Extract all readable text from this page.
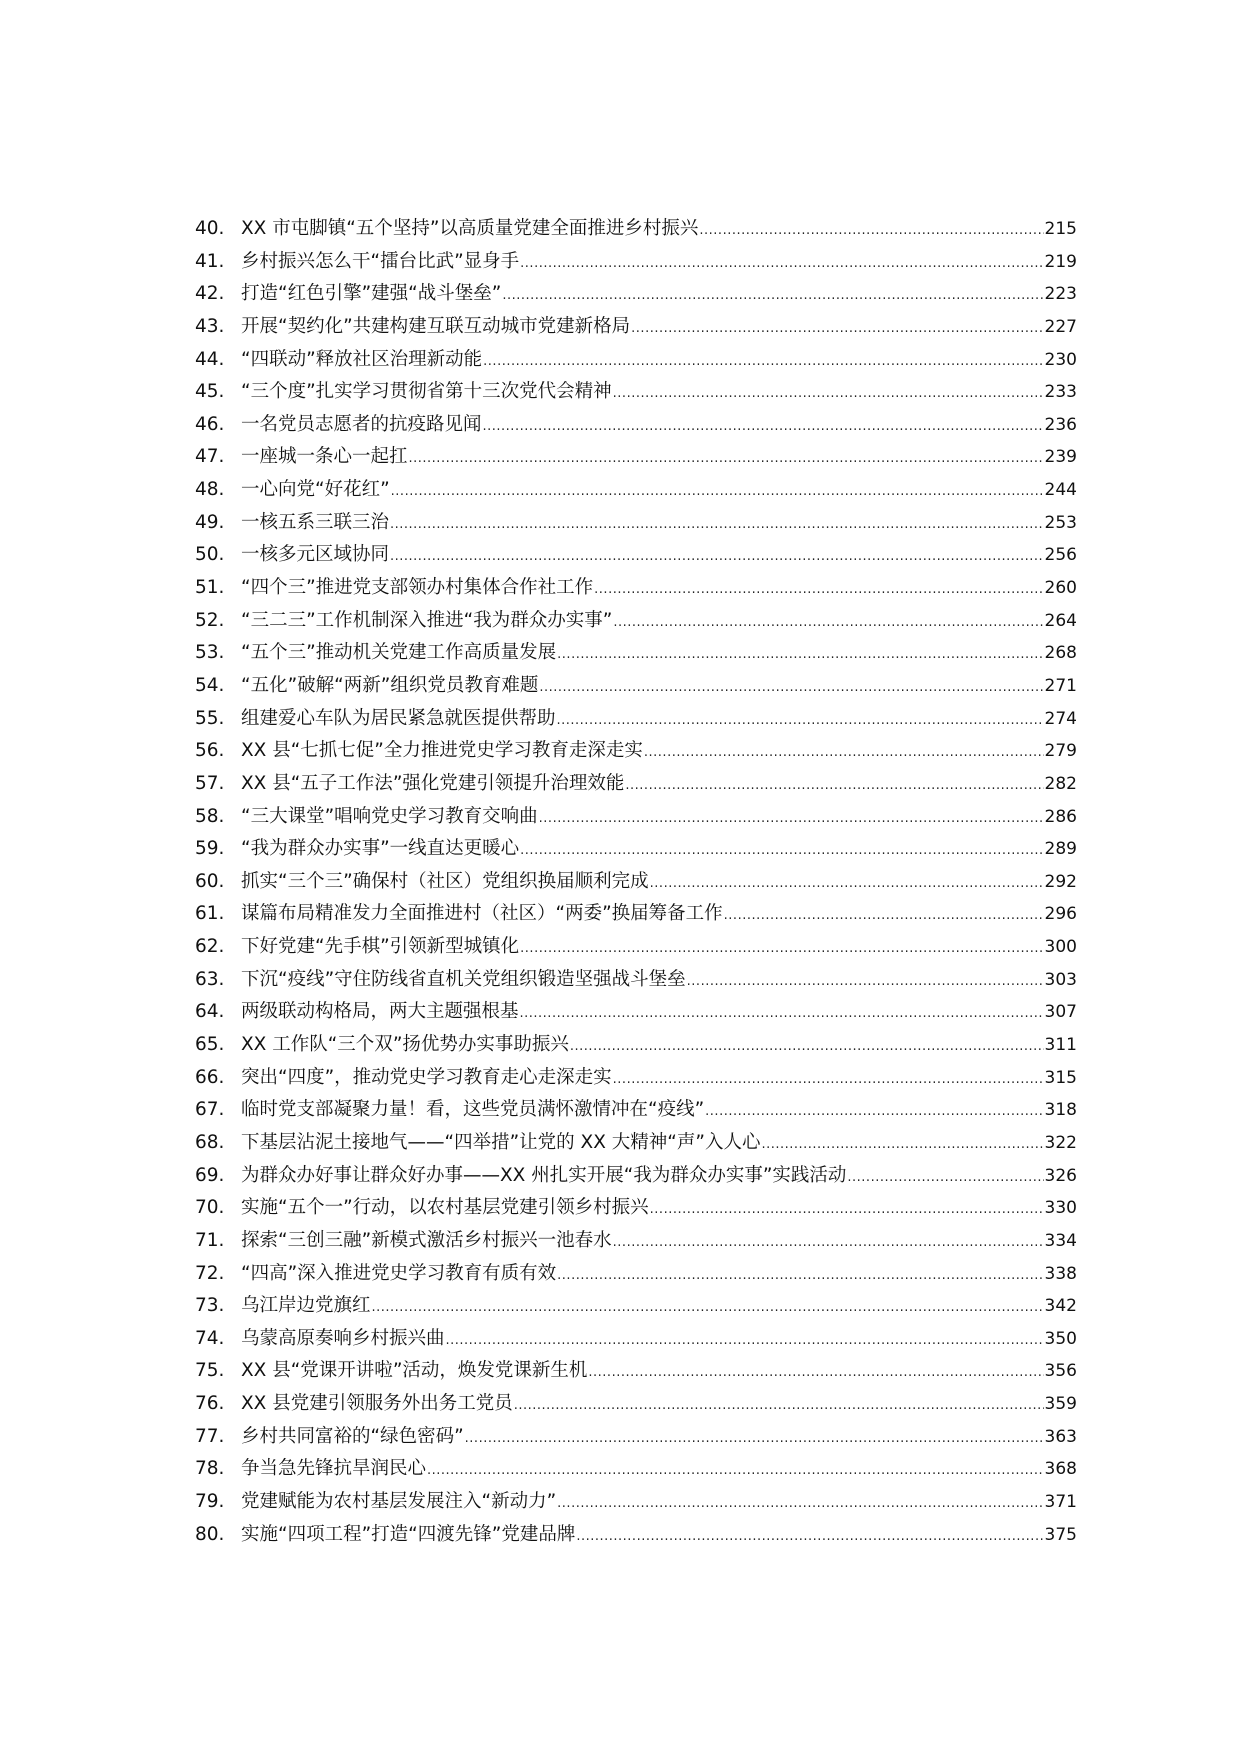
40. XX 市屯脚镇“五个坚持”以高质量党建全面推进乡村振兴 .....	215
41. 乡村振兴怎么干“擂台比武”显身手 .....	219
42. 打造“红色引擎”建强“战斗堡垒” .....	223
43. 开展“契约化”共建构建互联互动城市党建新格局 .....	227
44. “四联动”释放社区治理新动能 .....	230
45. “三个度”扎实学习贯彻省第十三次党代会精神 .....	233
46. 一名党员志愿者的抗疫路见闻 .....	236
47. 一座城一条心一起扛 .....	239
48. 一心向党“好花红” .....	244
49. 一核五系三联三治 .....	253
50. 一核多元区域协同 .....	256
51. “四个三”推进党支部领办村集体合作社工作 .....	260
52. “三二三”工作机制深入推进“我为群众办实事” .....	264
53. “五个三”推动机关党建工作高质量发展 .....	268
54. “五化”破解“两新”组织党员教育难题 .....	271
55. 组建爱心车队为居民紧急就医提供帮助 .....	274
56. XX 县“七抓七促”全力推进党史学习教育走深走实 .....	279
57. XX 县“五子工作法”强化党建引领提升治理效能 .....	282
58. “三大课堂”唱响党史学习教育交响曲 .....	286
59. “我为群众办实事”一线直达更暖心 .....	289
60. 抓实“三个三”确保村（社区）党组织换届顺利完成 .....	292
61. 谋篇布局精准发力全面推进村（社区）“两委”换届筹备工作 .....	296
62. 下好党建“先手棋”引领新型城镇化 .....	300
63. 下沉“疫线”守住防线省直机关党组织锻造坚强战斗堡垒 .....	303
64. 两级联动构格局，两大主题强根基 .....	307
65. XX 工作队“三个双”扬优势办实事助振兴 .....	311
66. 突出“四度”，推动党史学习教育走心走深走实 .....	315
67. 临时党支部凝聚力量！看，这些党员满怀激情冲在“疫线” .....	318
68. 下基层沾泥土接地气——“四举措”让党的 XX 大精神“声”入人心 .....	322
69. 为群众办好事让群众好办事——XX 州扎实开展“我为群众办实事”实践活动 .....	326
70. 实施“五个一”行动，以农村基层党建引领乡村振兴 .....	330
71. 探索“三创三融”新模式激活乡村振兴一池春水 .....	334
72. “四高”深入推进党史学习教育有质有效 .....	338
73. 乌江岸边党旗红 .....	342
74. 乌蒙高原奏响乡村振兴曲 .....	350
75. XX 县“党课开讲啦”活动，焕发党课新生机 .....	356
76. XX 县党建引领服务外出务工党员 .....	359
77. 乡村共同富裕的“绿色密码” .....	363
78. 争当急先锋抗旱润民心 .....	368
79. 党建赋能为农村基层发展注入“新动力” .....	371
80. 实施“四项工程”打造“四渡先锋”党建品牌 .....	375
